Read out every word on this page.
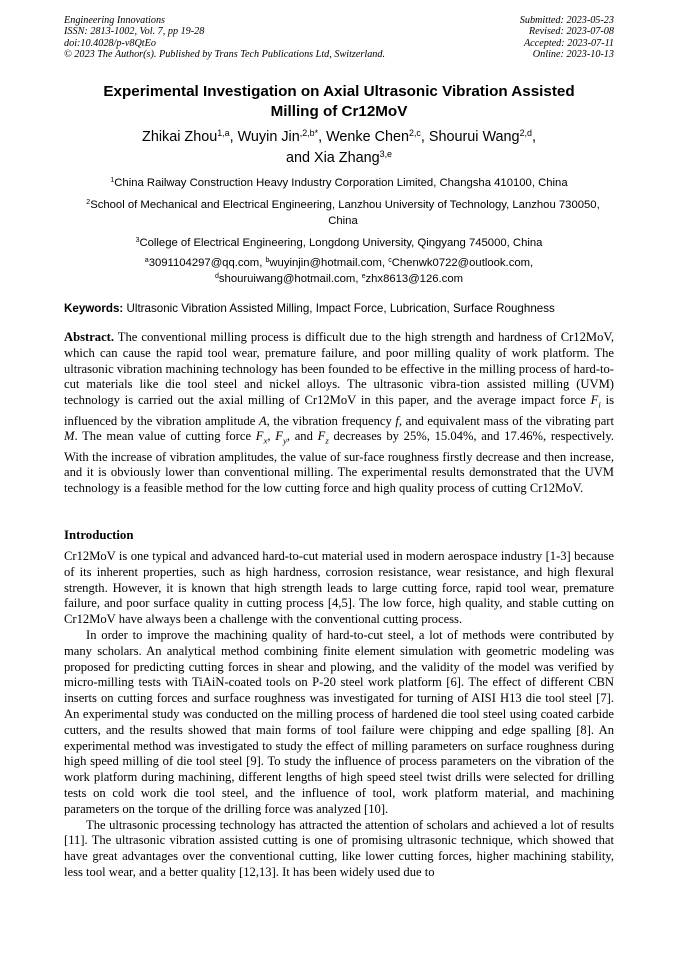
Engineering Innovations
ISSN: 2813-1002, Vol. 7, pp 19-28
doi:10.4028/p-v8QtEo
© 2023 The Author(s). Published by Trans Tech Publications Ltd, Switzerland.
Submitted: 2023-05-23
Revised: 2023-07-08
Accepted: 2023-07-11
Online: 2023-10-13
Experimental Investigation on Axial Ultrasonic Vibration Assisted
Milling of Cr12MoV
Zhikai Zhou$^{1,a}$, Wuyin Jin$^{,2,b*}$, Wenke Chen$^{2,c}$, Shourui Wang$^{2,d}$,
and Xia Zhang$^{3,e}$
$^1$China Railway Construction Heavy Industry Corporation Limited, Changsha 410100, China
$^2$School of Mechanical and Electrical Engineering, Lanzhou University of Technology, Lanzhou 730050, China
$^3$College of Electrical Engineering, Longdong University, Qingyang 745000, China
$^a$3091104297@qq.com, $^b$wuyinjin@hotmail.com, $^c$Chenwk0722@outlook.com,
$^d$shouruiwang@hotmail.com, $^e$zhx8613@126.com
Keywords: Ultrasonic Vibration Assisted Milling, Impact Force, Lubrication, Surface Roughness

Abstract. The conventional milling process is difficult due to the high strength and hardness of Cr12MoV, which can cause the rapid tool wear, premature failure, and poor milling quality of work platform. The ultrasonic vibration machining technology has been founded to be effective in the milling process of hard-to-cut materials like die tool steel and nickel alloys. The ultrasonic vibra-tion assisted milling (UVM) technology is carried out the axial milling of Cr12MoV in this paper, and the average impact force $F_i$ is influenced by the vibration amplitude A, the vibration frequency f, and equivalent mass of the vibrating part M. The mean value of cutting force $F_x$, $F_y$, and $F_z$ decreases by 25%, 15.04%, and 17.46%, respectively. With the increase of vibration amplitudes, the value of sur-face roughness firstly decrease and then increase, and it is obviously lower than conventional milling. The experimental results demonstrated that the UVM technology is a feasible method for the low cutting force and high quality process of cutting Cr12MoV.

Introduction

Cr12MoV is one typical and advanced hard-to-cut material used in modern aerospace industry [1-3] because of its inherent properties, such as high hardness, corrosion resistance, wear resistance, and high flexural strength. However, it is known that high strength leads to large cutting force, rapid tool wear, premature failure, and poor surface quality in cutting process [4,5]. The low force, high quality, and stable cutting on Cr12MoV have always been a challenge with the conventional cutting process.

In order to improve the machining quality of hard-to-cut steel, a lot of methods were contributed by many scholars. An analytical method combining finite element simulation with geometric modeling was proposed for predicting cutting forces in shear and plowing, and the validity of the model was verified by micro-milling tests with TiAiN-coated tools on P-20 steel work platform [6]. The effect of different CBN inserts on cutting forces and surface roughness was investigated for turning of AISI H13 die tool steel [7]. An experimental study was conducted on the milling process of hardened die tool steel using coated carbide cutters, and the results showed that main forms of tool failure were chipping and edge spalling [8]. An experimental method was investigated to study the effect of milling parameters on surface roughness during high speed milling of die tool steel [9]. To study the influence of process parameters on the vibration of the work platform during machining, different lengths of high speed steel twist drills were selected for drilling tests on cold work die tool steel, and the influence of tool, work platform material, and machining parameters on the torque of the drilling force was analyzed [10].

The ultrasonic processing technology has attracted the attention of scholars and achieved a lot of results [11]. The ultrasonic vibration assisted cutting is one of promising ultrasonic technique, which showed that have great advantages over the conventional cutting, like lower cutting forces, higher machining stability, less tool wear, and a better quality [12,13]. It has been widely used due to
